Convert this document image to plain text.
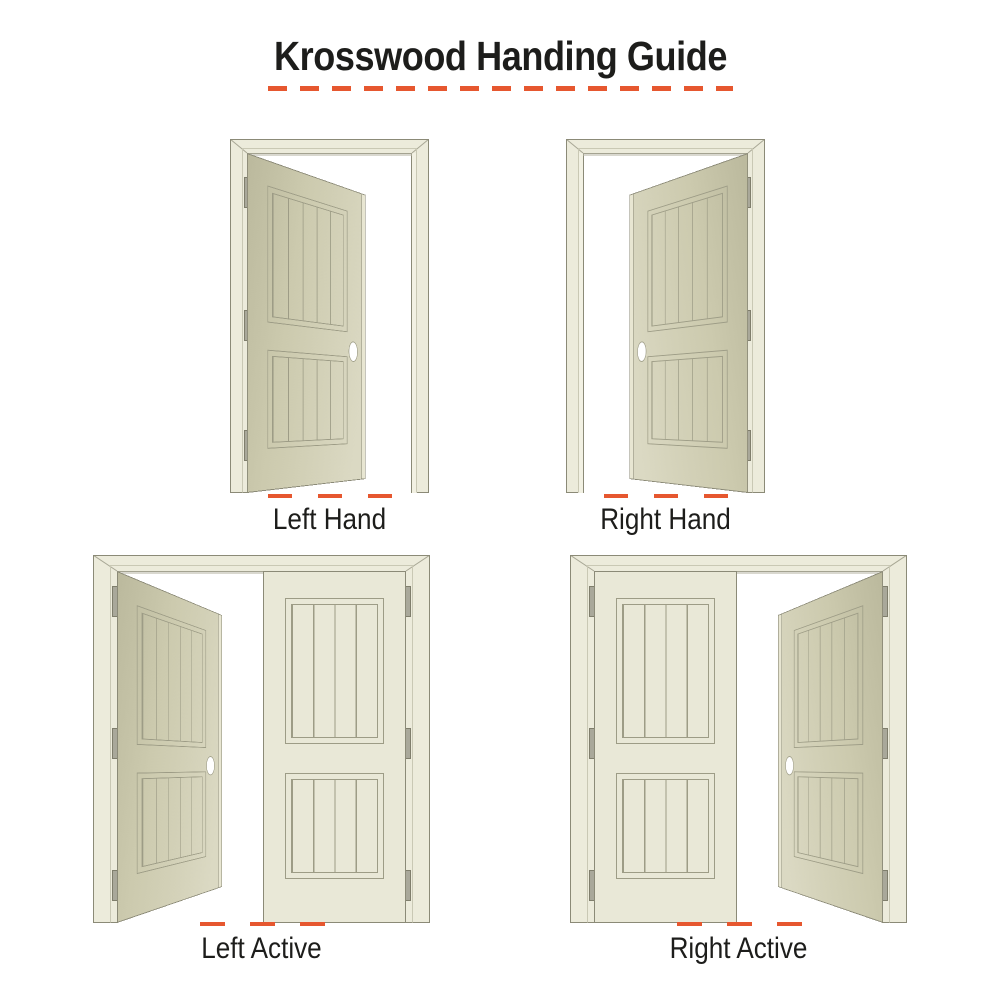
Krosswood Handing Guide
Left Hand	Right Hand
Left Active	Right Active
